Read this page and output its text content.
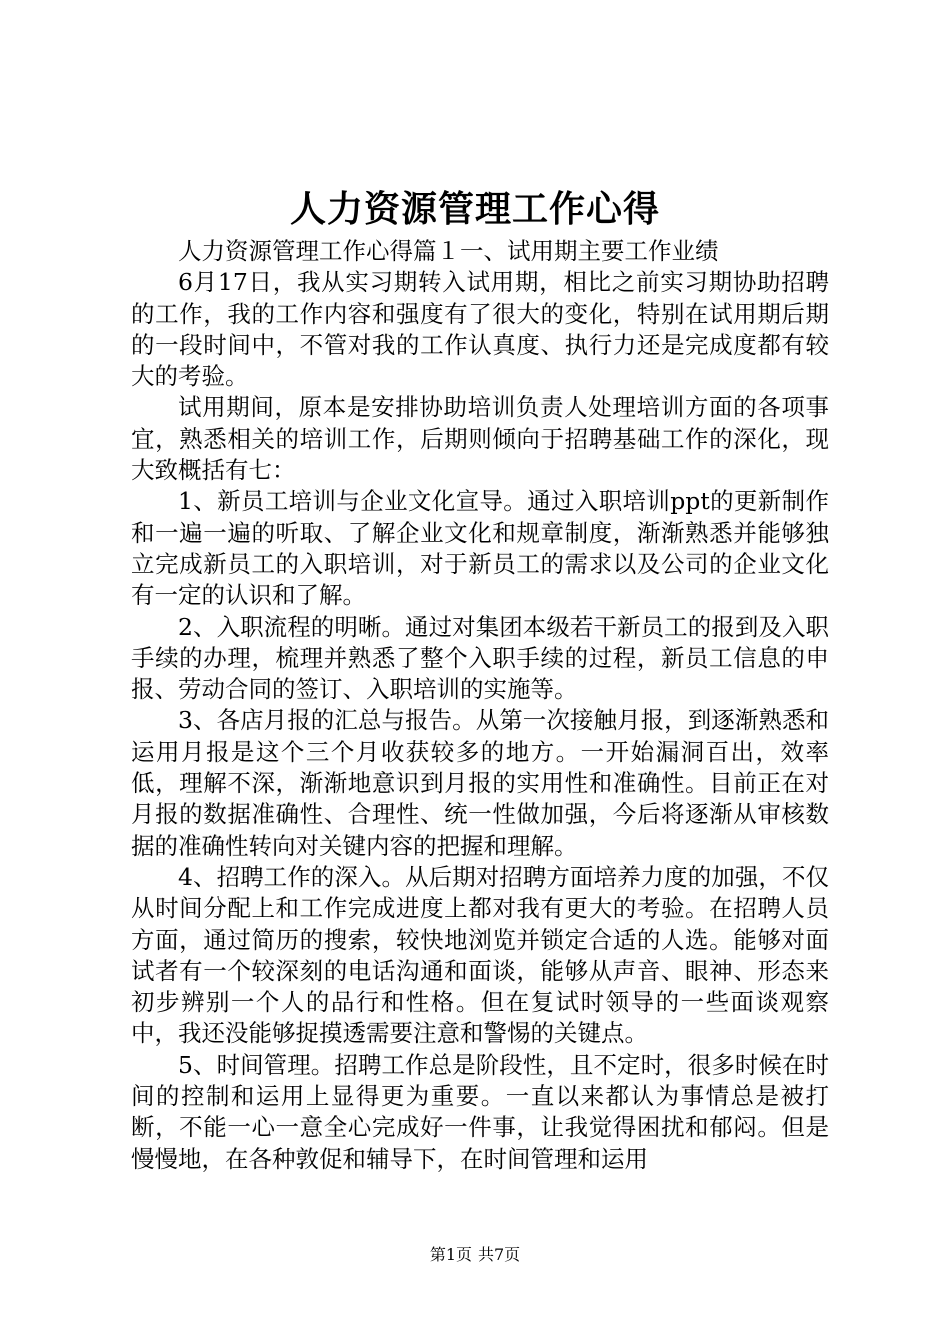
人力资源管理工作心得

人力资源管理工作心得篇１一、试用期主要工作业绩

6月17日，我从实习期转入试用期，相比之前实习期协助招聘的工作，我的工作内容和强度有了很大的变化，特别在试用期后期的一段时间中，不管对我的工作认真度、执行力还是完成度都有较大的考验。

试用期间，原本是安排协助培训负责人处理培训方面的各项事宜，熟悉相关的培训工作，后期则倾向于招聘基础工作的深化，现大致概括有七：

1、新员工培训与企业文化宣导。通过入职培训ppt的更新制作和一遍一遍的听取、了解企业文化和规章制度，渐渐熟悉并能够独立完成新员工的入职培训，对于新员工的需求以及公司的企业文化有一定的认识和了解。

2、入职流程的明晰。通过对集团本级若干新员工的报到及入职手续的办理，梳理并熟悉了整个入职手续的过程，新员工信息的申报、劳动合同的签订、入职培训的实施等。

3、各店月报的汇总与报告。从第一次接触月报，到逐渐熟悉和运用月报是这个三个月收获较多的地方。一开始漏洞百出，效率低，理解不深，渐渐地意识到月报的实用性和准确性。目前正在对月报的数据准确性、合理性、统一性做加强，今后将逐渐从审核数据的准确性转向对关键内容的把握和理解。

4、招聘工作的深入。从后期对招聘方面培养力度的加强，不仅从时间分配上和工作完成进度上都对我有更大的考验。在招聘人员方面，通过简历的搜索，较快地浏览并锁定合适的人选。能够对面试者有一个较深刻的电话沟通和面谈，能够从声音、眼神、形态来初步辨别一个人的品行和性格。但在复试时领导的一些面谈观察中，我还没能够捉摸透需要注意和警惕的关键点。

5、时间管理。招聘工作总是阶段性，且不定时，很多时候在时间的控制和运用上显得更为重要。一直以来都认为事情总是被打断，不能一心一意全心完成好一件事，让我觉得困扰和郁闷。但是慢慢地，在各种敦促和辅导下，在时间管理和运用

第1页 共7页
